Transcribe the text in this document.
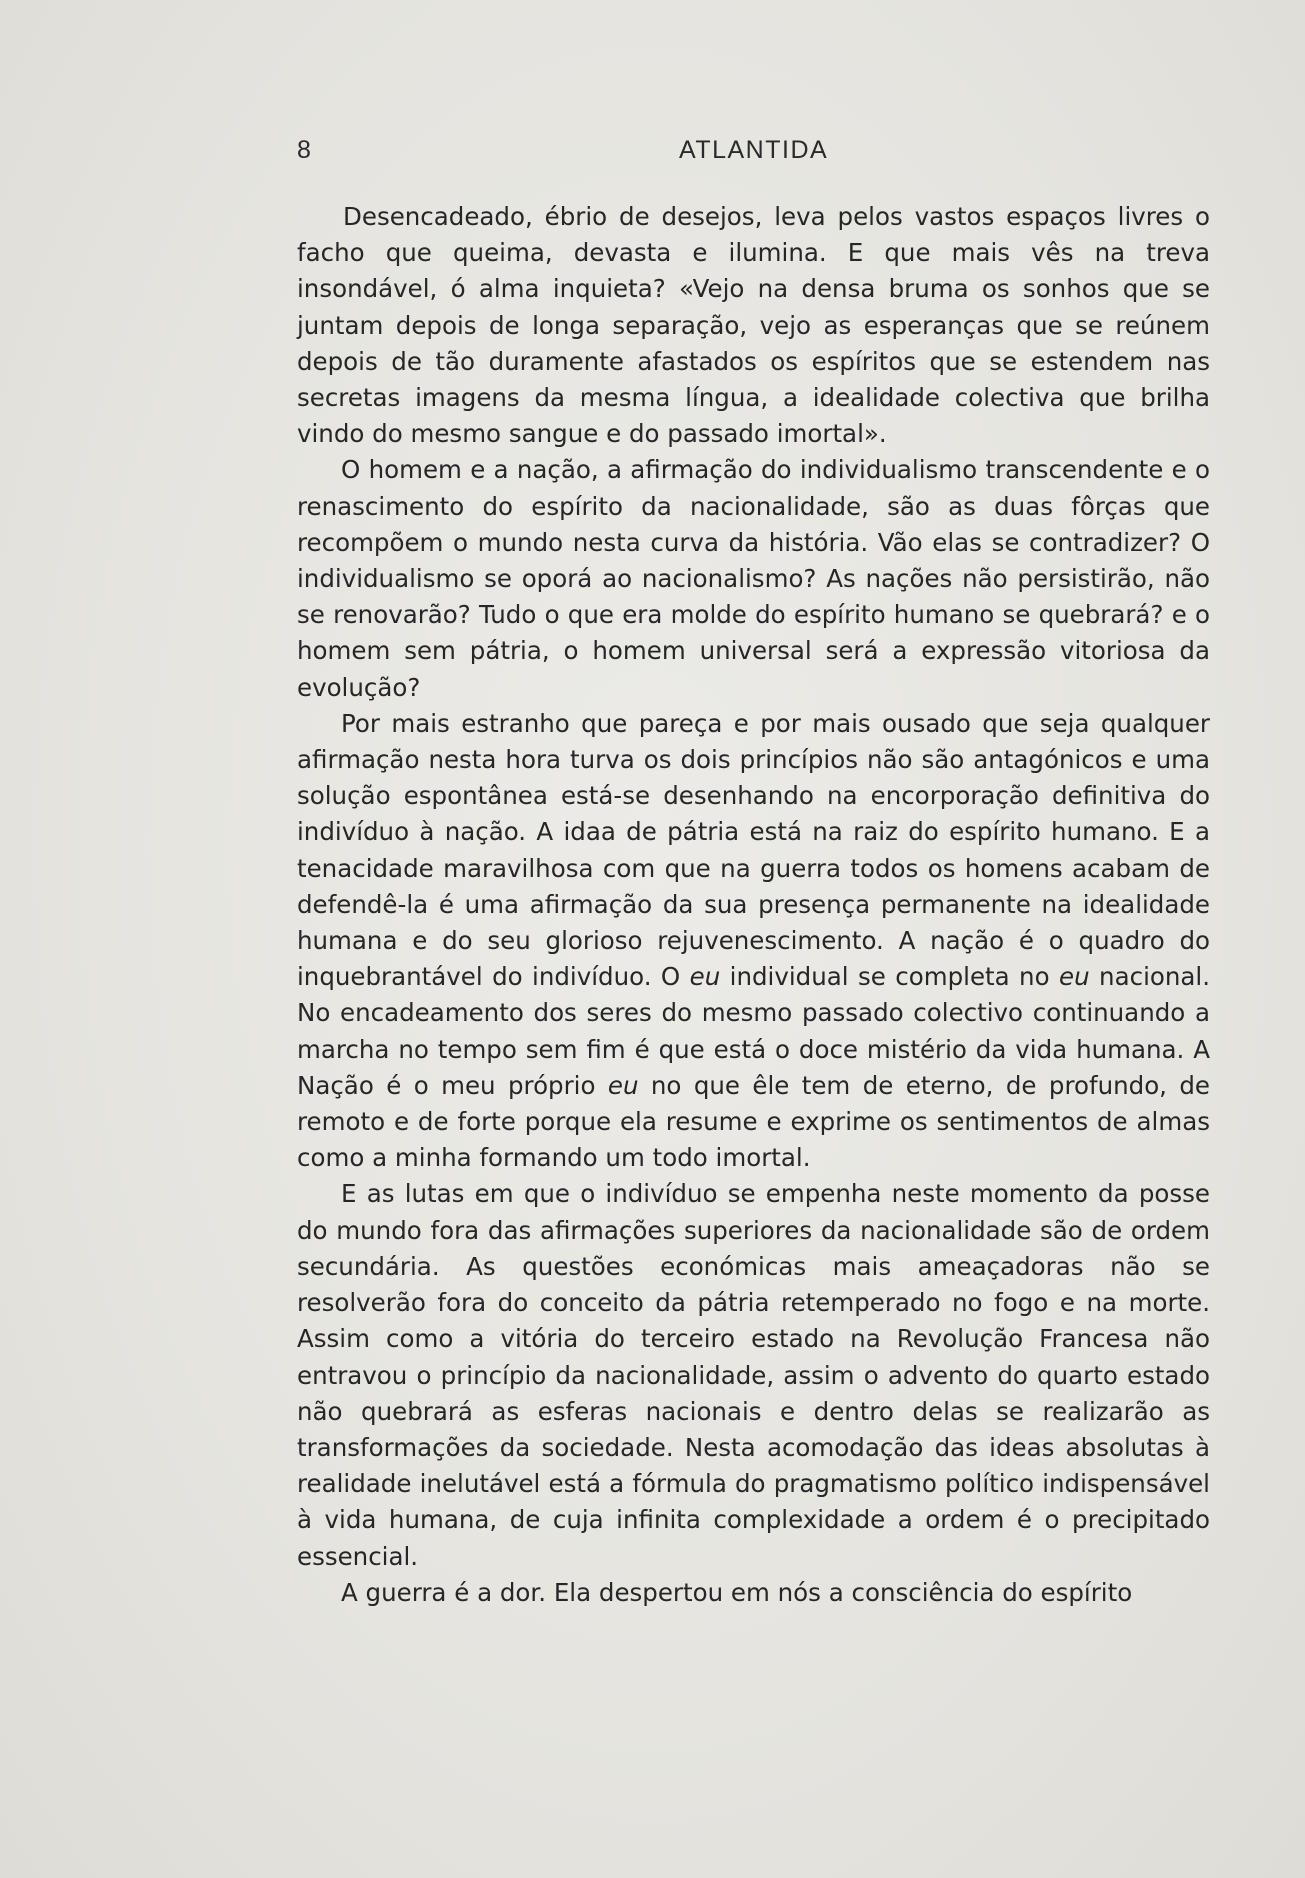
8	ATLANTIDA

Desencadeado, ébrio de desejos, leva pelos vastos espaços livres o facho que queima, devasta e ilumina. E que mais vês na treva insondável, ó alma inquieta? «Vejo na densa bruma os sonhos que se juntam depois de longa separação, vejo as esperanças que se reúnem depois de tão duramente afastados os espíritos que se estendem nas secretas imagens da mesma língua, a idealidade colectiva que brilha vindo do mesmo sangue e do passado imortal».

O homem e a nação, a afirmação do individualismo transcendente e o renascimento do espírito da nacionalidade, são as duas fôrças que recompõem o mundo nesta curva da história. Vão elas se contradizer? O individualismo se oporá ao nacionalismo? As nações não persistirão, não se renovarão? Tudo o que era molde do espírito humano se quebrará? e o homem sem pátria, o homem universal será a expressão vitoriosa da evolução?

Por mais estranho que pareça e por mais ousado que seja qualquer afirmação nesta hora turva os dois princípios não são antagónicos e uma solução espontânea está-se desenhando na encorporação definitiva do indivíduo à nação. A idaa de pátria está na raiz do espírito humano. E a tenacidade maravilhosa com que na guerra todos os homens acabam de defendê-la é uma afirmação da sua presença permanente na idealidade humana e do seu glorioso rejuvenescimento. A nação é o quadro do inquebrantável do indivíduo. O eu individual se completa no eu nacional. No encadeamento dos seres do mesmo passado colectivo continuando a marcha no tempo sem fim é que está o doce mistério da vida humana. A Nação é o meu próprio eu no que êle tem de eterno, de profundo, de remoto e de forte porque ela resume e exprime os sentimentos de almas como a minha formando um todo imortal.

E as lutas em que o indivíduo se empenha neste momento da posse do mundo fora das afirmações superiores da nacionalidade são de ordem secundária. As questões económicas mais ameaçadoras não se resolverão fora do conceito da pátria retemperado no fogo e na morte. Assim como a vitória do terceiro estado na Revolução Francesa não entravou o princípio da nacionalidade, assim o advento do quarto estado não quebrará as esferas nacionais e dentro delas se realizarão as transformações da sociedade. Nesta acomodação das ideas absolutas à realidade inelutável está a fórmula do pragmatismo político indispensável à vida humana, de cuja infinita complexidade a ordem é o precipitado essencial.

A guerra é a dor. Ela despertou em nós a consciência do espírito
